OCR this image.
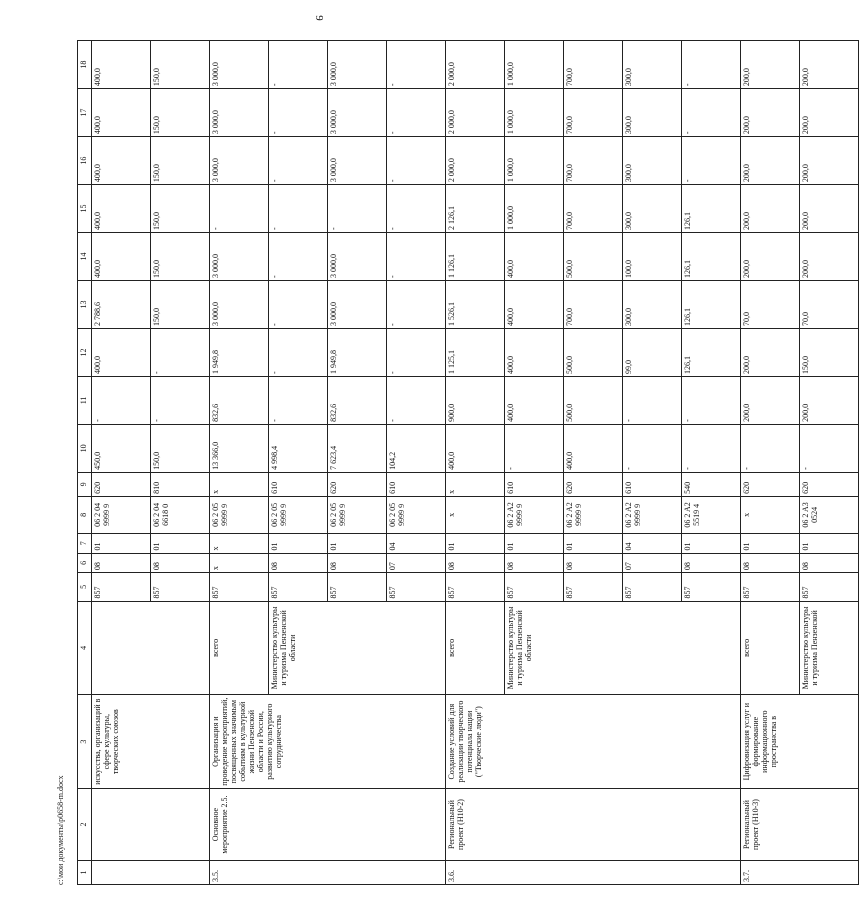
9
1	2	3	4	5	6	7	8	9	10	11	12	13	14	15	16	17	18
		искусства, организаций в сфере культуры, творческих союзов		857	08	01	06 2 04 9999 9	620	450,0	-	400,0	2 788,6	400,0	400,0	400,0	400,0	400,0
				857	08	01	06 2 04 6618 0	810	150,0	-	-	150,0	150,0	150,0	150,0	150,0	150,0
3.5.	Основное мероприятие 2.5.	Организация и проведение мероприятий, посвященных значимым событиям в культурной жизни Пензенской области и России, развитию культурного сотрудничества	всего	857	x	x	06 2 05 9999 9	x	13 366,0	832,6	1 949,8	3 000,0	3 000,0	-	3 000,0	3 000,0	3 000,0
			Министерство культуры и туризма Пензенской области	857	08	01	06 2 05 9999 9	610	4 998,4	-	-	-	-	-	-	-	-
				857	08	01	06 2 05 9999 9	620	7 623,4	832,6	1 949,8	3 000,0	3 000,0	-	3 000,0	3 000,0	3 000,0
				857	07	04	06 2 05 9999 9	610	104,2	-	-	-	-	-	-	-	-
3.6.	Региональный проект (Н10-2)	Создание условий для реализации творческого потенциала нации ("Творческие люди")	всего	857	08	01	x	x	400,0	900,0	1 125,1	1 526,1	1 126,1	2 126,1	2 000,0	2 000,0	2 000,0
			Министерство культуры и туризма Пензенской области	857	08	01	06 2 A2 9999 9	610	-	400,0	400,0	400,0	400,0	1 000,0	1 000,0	1 000,0	1 000,0
				857	08	01	06 2 A2 9999 9	620	400,0	500,0	500,0	700,0	500,0	700,0	700,0	700,0	700,0
				857	07	04	06 2 A2 9999 9	610	-	-	99,0	300,0	100,0	300,0	300,0	300,0	300,0
				857	08	01	06 2 A2 5519 4	540	-	-	126,1	126,1	126,1	126,1	-	-	-
3.7.	Региональный проект (Н10-3)	Цифровизация услуг и формирование информационного пространства в	всего	857	08	01	x	620	-	200,0	200,0	70,0	200,0	200,0	200,0	200,0	200,0
			Министерство культуры и туризма Пензенской	857	08	01	06 2 A3 0524	620	-	200,0	150,0	70,0	200,0	200,0	200,0	200,0	200,0
c:\мои документы\p0658-m.docx
